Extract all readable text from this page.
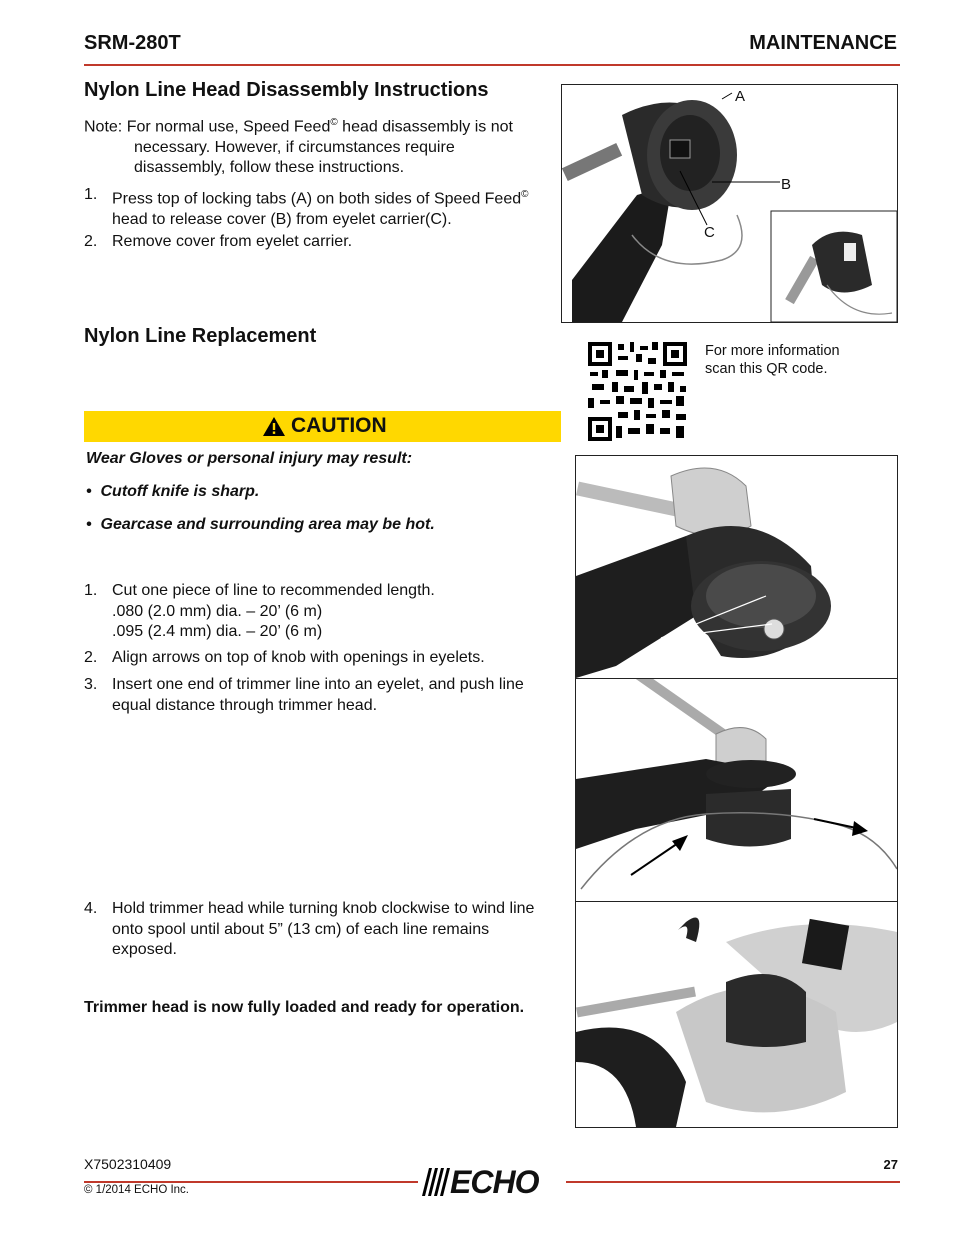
SRM-280T	MAINTENANCE
Nylon Line Head Disassembly Instructions
Note: For normal use, Speed Feed© head disassembly is not
necessary. However, if circumstances require
disassembly, follow these instructions.
1. Press top of locking tabs (A) on both sides of Speed Feed©
head to release cover (B) from eyelet carrier(C).
2. Remove cover from eyelet carrier.
A
B
C
For more information
scan this QR code.
Nylon Line Replacement
CAUTION
Wear Gloves or personal injury may result:
• Cutoff knife is sharp.
• Gearcase and surrounding area may be hot.
1. Cut one piece of line to recommended length.
.080 (2.0 mm) dia. – 20’ (6 m)
.095 (2.4 mm) dia. – 20’ (6 m)
2. Align arrows on top of knob with openings in eyelets.
3. Insert one end of trimmer line into an eyelet, and push line
equal distance through trimmer head.
4. Hold trimmer head while turning knob clockwise to wind line
onto spool until about 5” (13 cm) of each line remains
exposed.
Trimmer head is now fully loaded and ready for operation.
X7502310409	27
ECHO
© 1/2014 ECHO Inc.
